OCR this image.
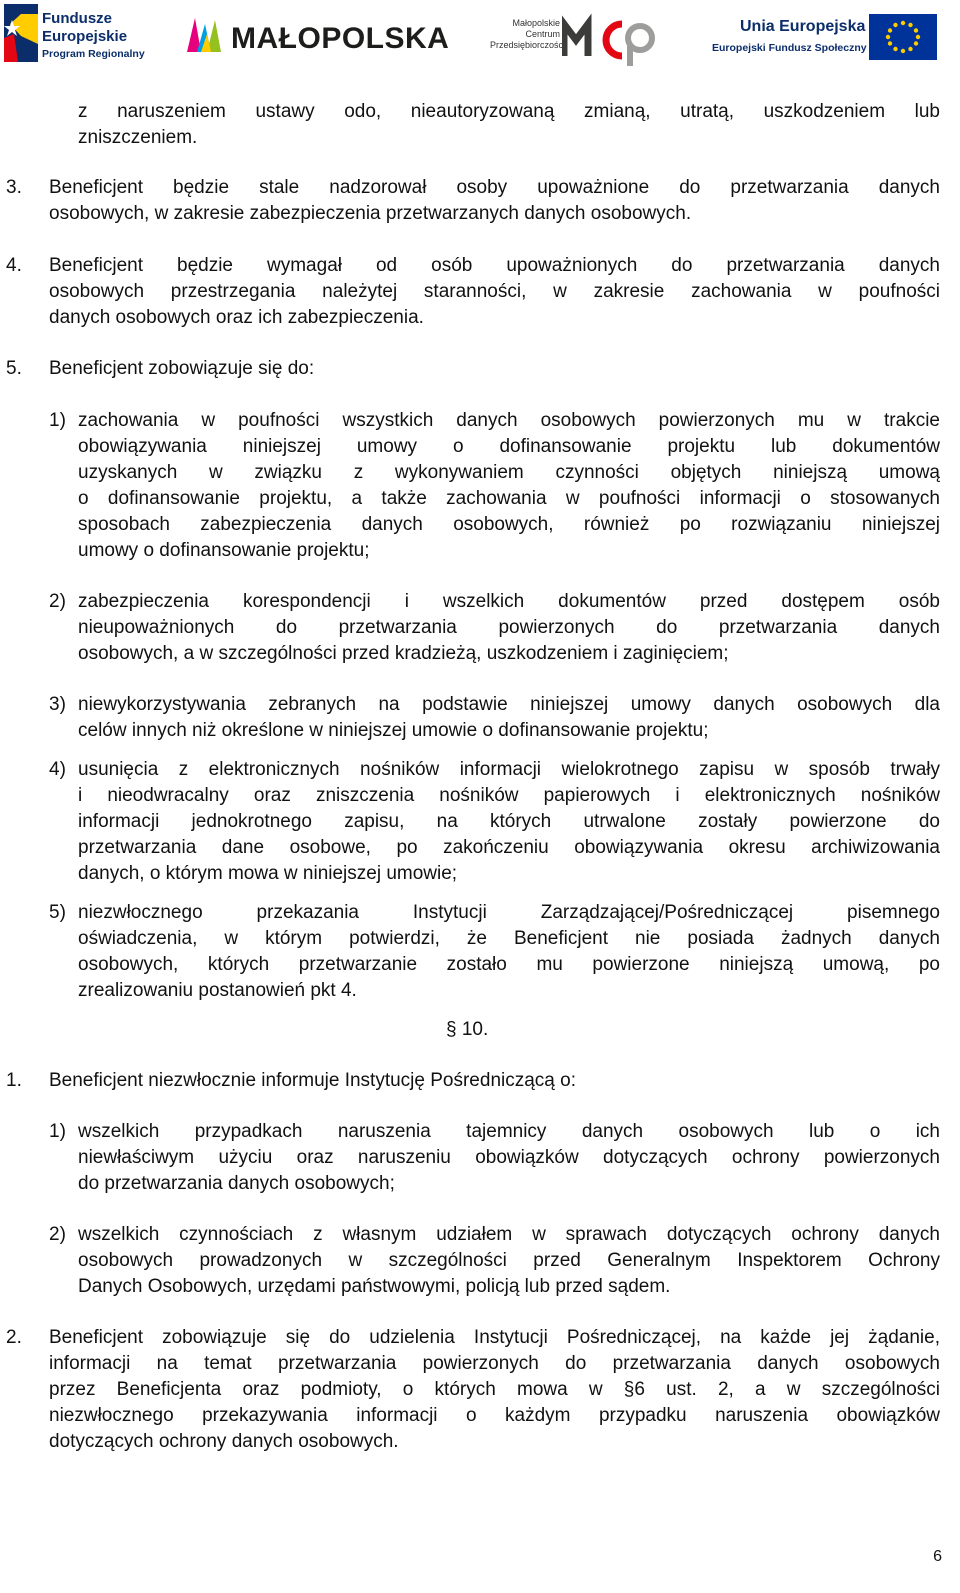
Fundusze
Europejskie
Program Regionalny	MAŁOPOLSKA	Małopolskie
Centrum
Przedsiębiorczości
Unia Europejska
Europejski Fundusz Społeczny
z naruszeniem ustawy odo, nieautoryzowaną zmianą, utratą, uszkodzeniem lub
zniszczeniem.
3. Beneficjent będzie stale nadzorował osoby upoważnione do przetwarzania danych
osobowych, w zakresie zabezpieczenia przetwarzanych danych osobowych.
4. Beneficjent będzie wymagał od osób upoważnionych do przetwarzania danych
osobowych przestrzegania należytej staranności, w zakresie zachowania w poufności
danych osobowych oraz ich zabezpieczenia.
5. Beneficjent zobowiązuje się do:
1) zachowania w poufności wszystkich danych osobowych powierzonych mu w trakcie
obowiązywania niniejszej umowy o dofinansowanie projektu lub dokumentów
uzyskanych w związku z wykonywaniem czynności objętych niniejszą umową
o dofinansowanie projektu, a także zachowania w poufności informacji o stosowanych
sposobach zabezpieczenia danych osobowych, również po rozwiązaniu niniejszej
umowy o dofinansowanie projektu;
2) zabezpieczenia korespondencji i wszelkich dokumentów przed dostępem osób
nieupoważnionych do przetwarzania powierzonych do przetwarzania danych
osobowych, a w szczególności przed kradzieżą, uszkodzeniem i zaginięciem;
3) niewykorzystywania zebranych na podstawie niniejszej umowy danych osobowych dla
celów innych niż określone w niniejszej umowie o dofinansowanie projektu;
4) usunięcia z elektronicznych nośników informacji wielokrotnego zapisu w sposób trwały
i nieodwracalny oraz zniszczenia nośników papierowych i elektronicznych nośników
informacji jednokrotnego zapisu, na których utrwalone zostały powierzone do
przetwarzania dane osobowe, po zakończeniu obowiązywania okresu archiwizowania
danych, o którym mowa w niniejszej umowie;
5) niezwłocznego przekazania Instytucji Zarządzającej/Pośredniczącej pisemnego
oświadczenia, w którym potwierdzi, że Beneficjent nie posiada żadnych danych
osobowych, których przetwarzanie zostało mu powierzone niniejszą umową, po
zrealizowaniu postanowień pkt 4.
§ 10.
1. Beneficjent niezwłocznie informuje Instytucję Pośredniczącą o:
1) wszelkich przypadkach naruszenia tajemnicy danych osobowych lub o ich
niewłaściwym użyciu oraz naruszeniu obowiązków dotyczących ochrony powierzonych
do przetwarzania danych osobowych;
2) wszelkich czynnościach z własnym udziałem w sprawach dotyczących ochrony danych
osobowych prowadzonych w szczególności przed Generalnym Inspektorem Ochrony
Danych Osobowych, urzędami państwowymi, policją lub przed sądem.
2. Beneficjent zobowiązuje się do udzielenia Instytucji Pośredniczącej, na każde jej żądanie,
informacji na temat przetwarzania powierzonych do przetwarzania danych osobowych
przez Beneficjenta oraz podmioty, o których mowa w §6 ust. 2, a w szczególności
niezwłocznego przekazywania informacji o każdym przypadku naruszenia obowiązków
dotyczących ochrony danych osobowych.
6
